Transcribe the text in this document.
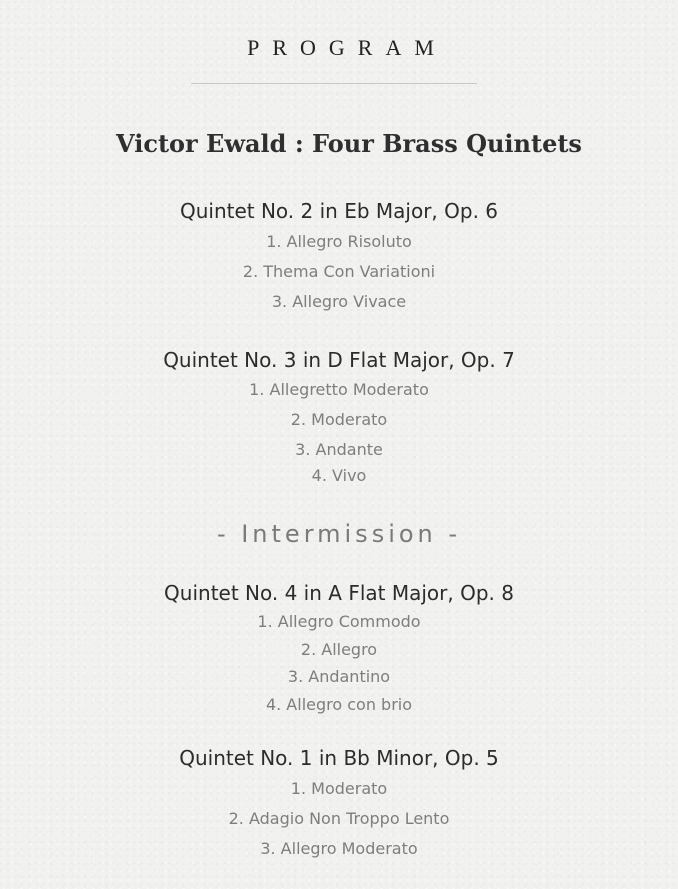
PROGRAM
Victor Ewald : Four Brass Quintets
Quintet No. 2 in Eb Major, Op. 6
1. Allegro Risoluto
2. Thema Con Variationi
3. Allegro Vivace
Quintet No. 3 in D Flat Major, Op. 7
1. Allegretto Moderato
2. Moderato
3. Andante
4. Vivo
- Intermission -
Quintet No. 4 in A Flat Major, Op. 8
1. Allegro Commodo
2. Allegro
3. Andantino
4. Allegro con brio
Quintet No. 1 in Bb Minor, Op. 5
1. Moderato
2. Adagio Non Troppo Lento
3. Allegro Moderato
